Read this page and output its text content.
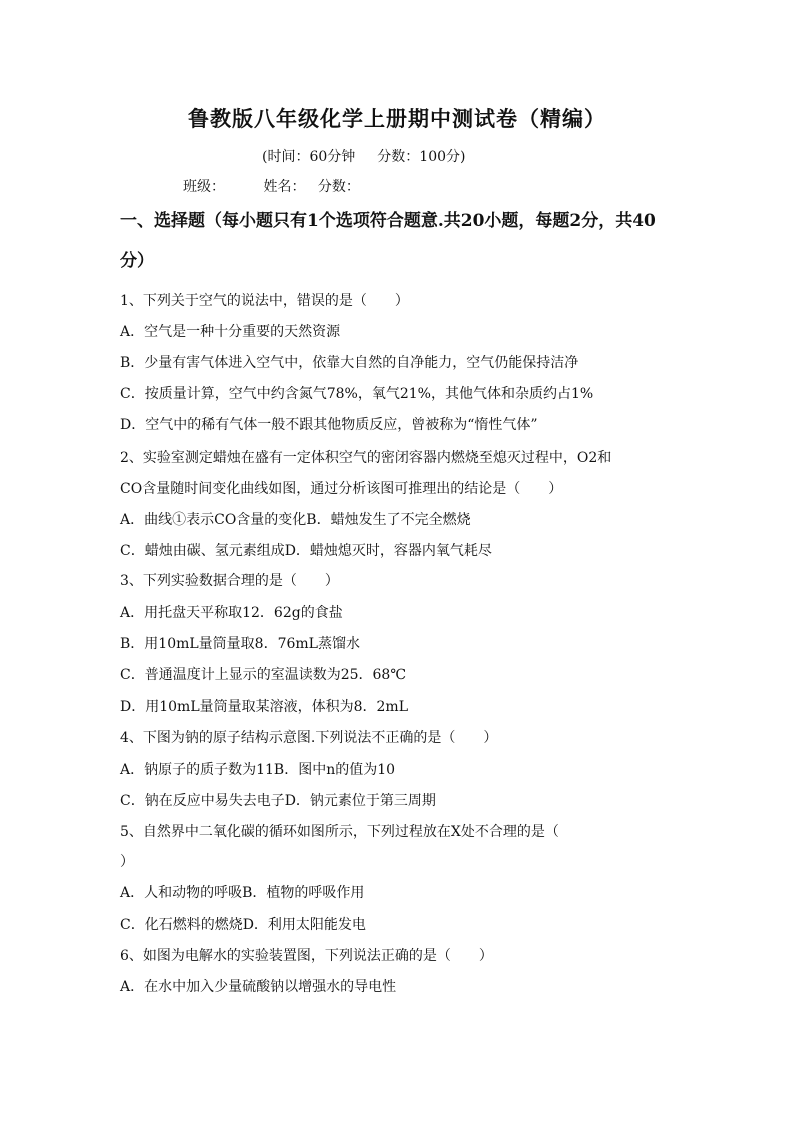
鲁教版八年级化学上册期中测试卷（精编）
(时间：60分钟 分数：100分)
班级：	姓名： 分数：
一、选择题（每小题只有1个选项符合题意.共20小题，每题2分，共40分）
1、下列关于空气的说法中，错误的是（　　）
A．空气是一种十分重要的天然资源
B．少量有害气体进入空气中，依靠大自然的自净能力，空气仍能保持洁净
C．按质量计算，空气中约含氮气78%，氧气21%，其他气体和杂质约占1%
D．空气中的稀有气体一般不跟其他物质反应，曾被称为“惰性气体”
2、实验室测定蜡烛在盛有一定体积空气的密闭容器内燃烧至熄灭过程中，O2和
CO含量随时间变化曲线如图，通过分析该图可推理出的结论是（　　）
A．曲线①表示CO含量的变化B．蜡烛发生了不完全燃烧
C．蜡烛由碳、氢元素组成D．蜡烛熄灭时，容器内氧气耗尽
3、下列实验数据合理的是（　　）
A．用托盘天平称取12．62g的食盐
B．用10mL量筒量取8．76mL蒸馏水
C．普通温度计上显示的室温读数为25．68℃
D．用10mL量筒量取某溶液，体积为8．2mL
4、下图为钠的原子结构示意图.下列说法不正确的是（　　）
A．钠原子的质子数为11B．图中n的值为10
C．钠在反应中易失去电子D．钠元素位于第三周期
5、自然界中二氧化碳的循环如图所示，下列过程放在X处不合理的是（
）
A．人和动物的呼吸B．植物的呼吸作用
C．化石燃料的燃烧D．利用太阳能发电
6、如图为电解水的实验装置图，下列说法正确的是（　　）
A．在水中加入少量硫酸钠以增强水的导电性
